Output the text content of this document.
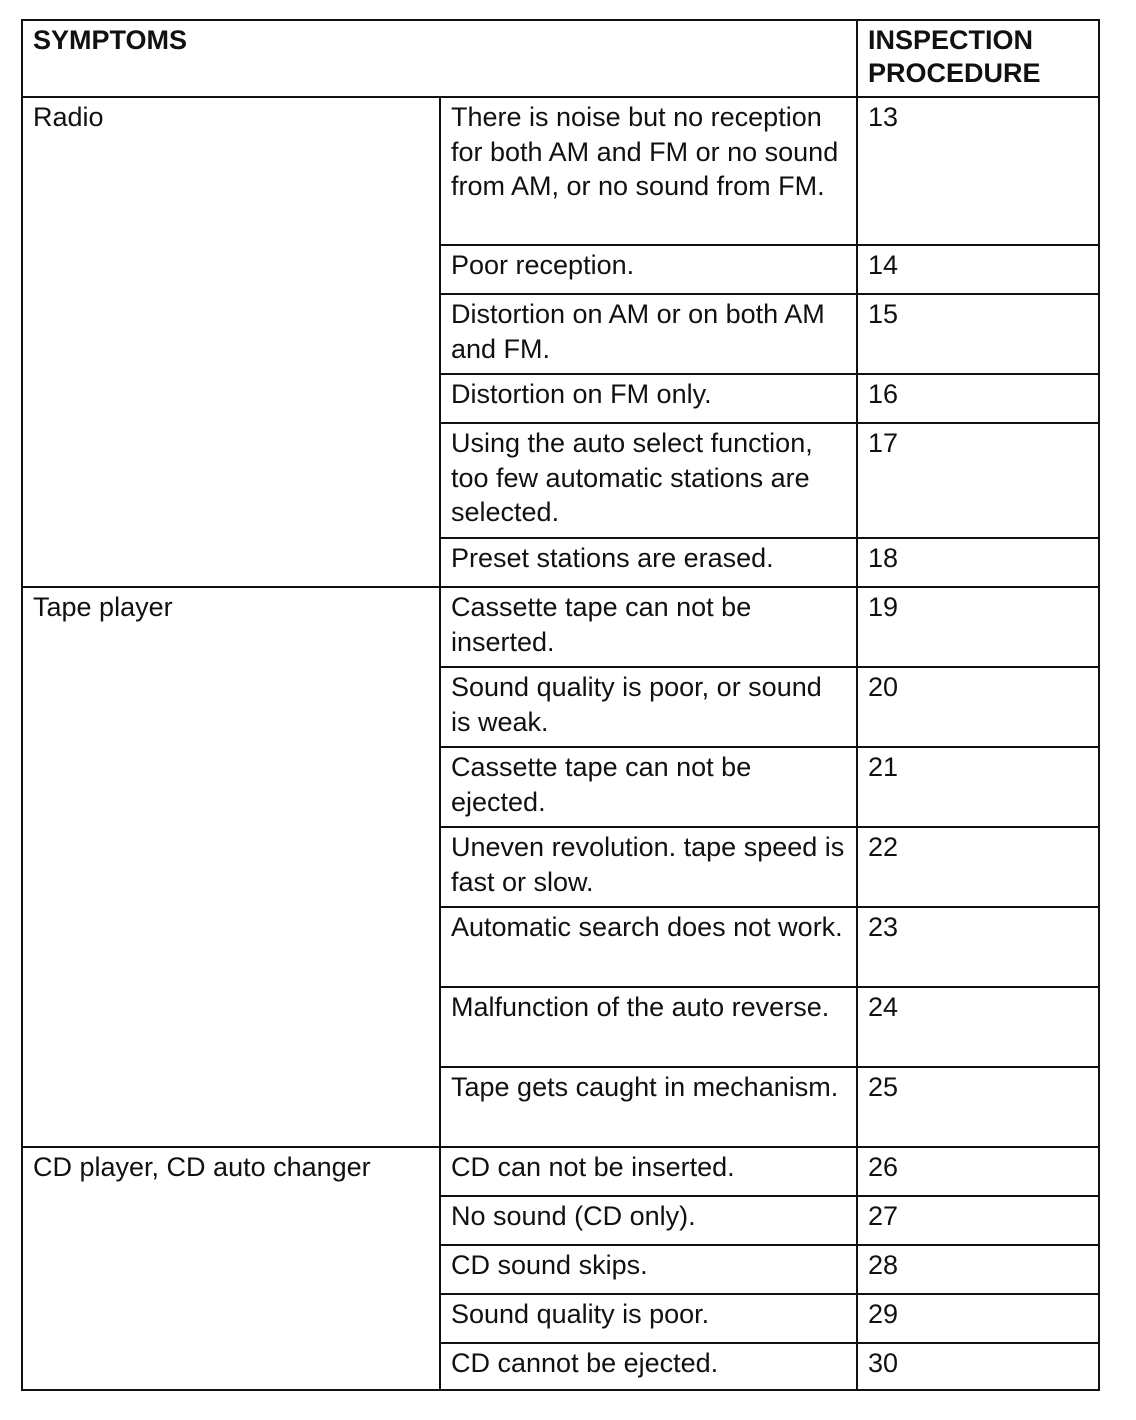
SYMPTOMS		INSPECTION PROCEDURE
Radio	There is noise but no reception for both AM and FM or no sound from AM, or no sound from FM.	13
	Poor reception.	14
	Distortion on AM or on both AM and FM.	15
	Distortion on FM only.	16
	Using the auto select function, too few automatic stations are selected.	17
	Preset stations are erased.	18
Tape player	Cassette tape can not be inserted.	19
	Sound quality is poor, or sound is weak.	20
	Cassette tape can not be ejected.	21
	Uneven revolution. tape speed is fast or slow.	22
	Automatic search does not work.	23
	Malfunction of the auto reverse.	24
	Tape gets caught in mechanism.	25
CD player, CD auto changer	CD can not be inserted.	26
	No sound (CD only).	27
	CD sound skips.	28
	Sound quality is poor.	29
	CD cannot be ejected.	30
